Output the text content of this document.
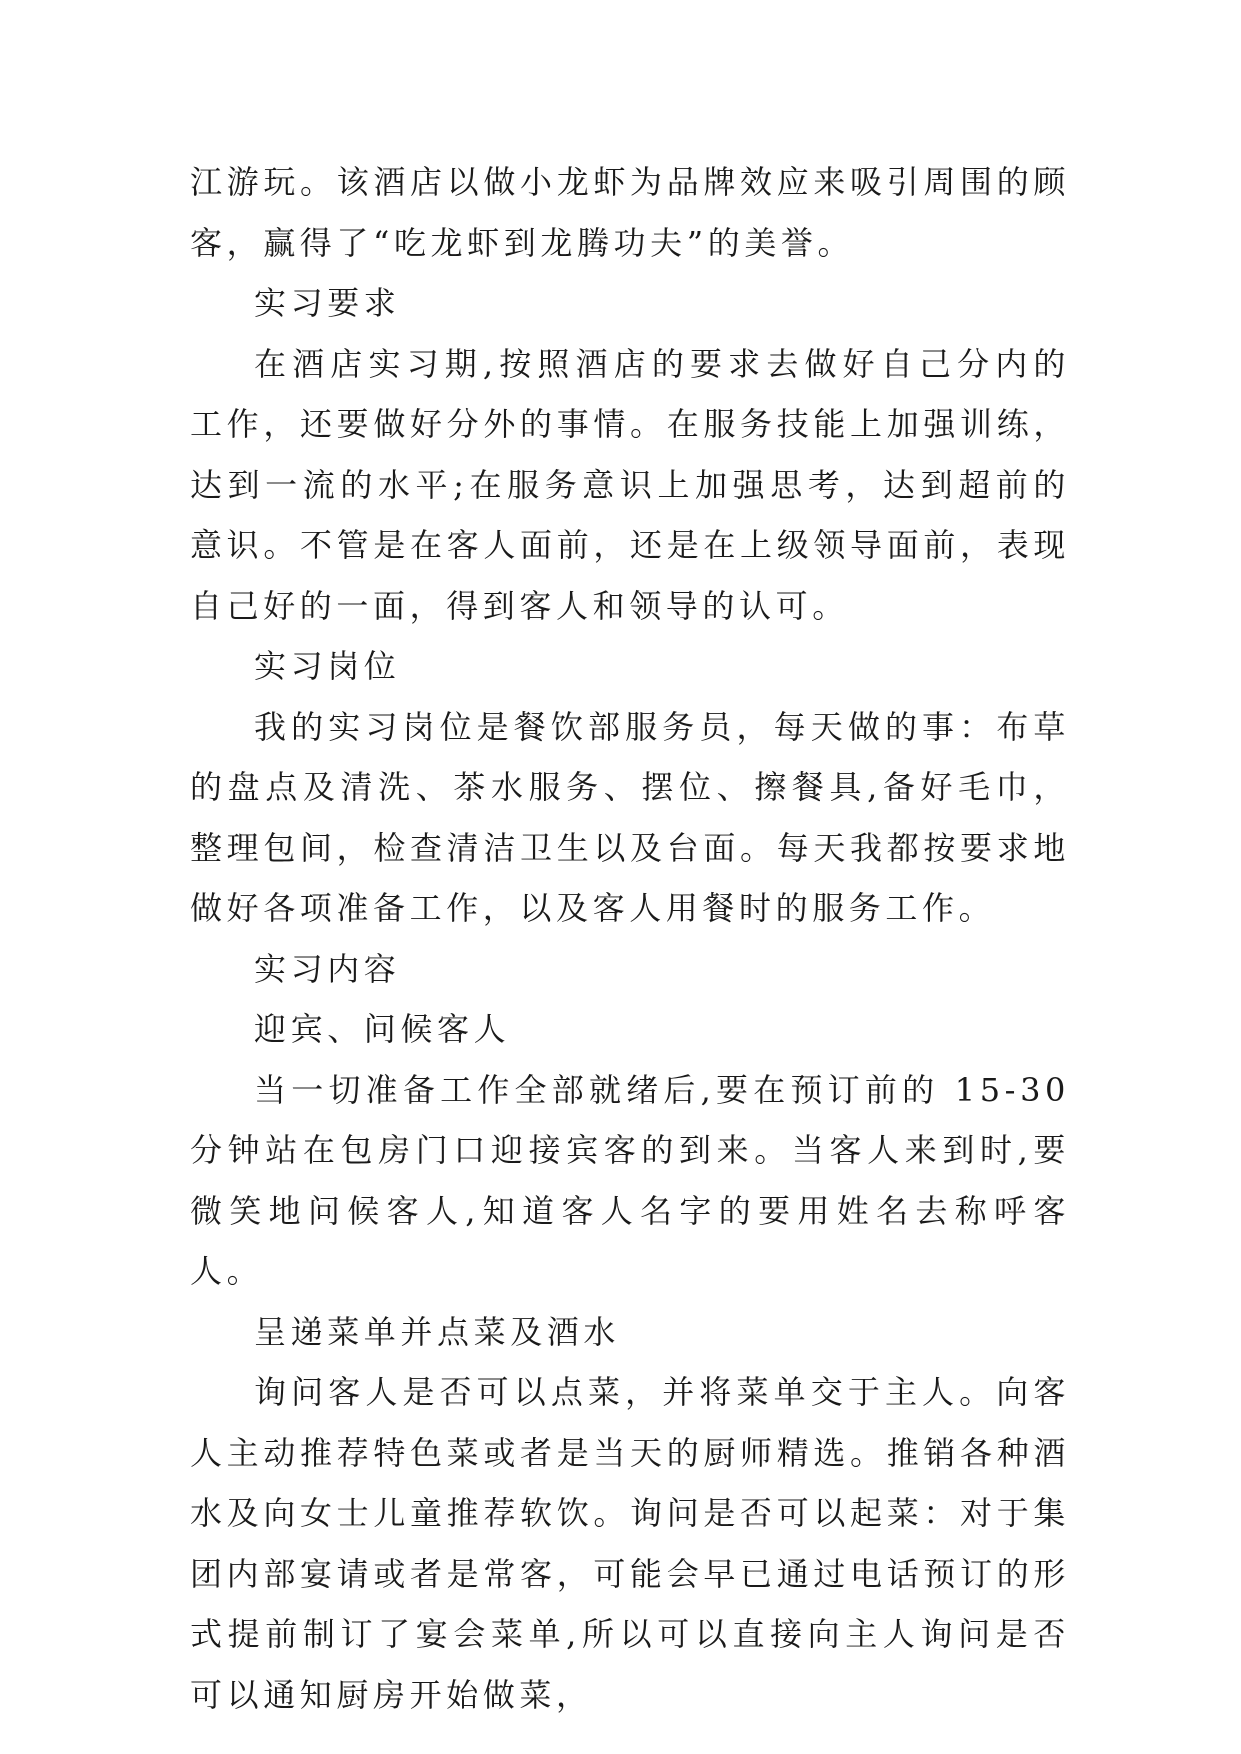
江游玩。该酒店以做小龙虾为品牌效应来吸引周围的顾客，赢得了“吃龙虾到龙腾功夫”的美誉。

实习要求

在酒店实习期,按照酒店的要求去做好自己分内的工作，还要做好分外的事情。在服务技能上加强训练，达到一流的水平;在服务意识上加强思考，达到超前的意识。不管是在客人面前，还是在上级领导面前，表现自己好的一面，得到客人和领导的认可。

实习岗位

我的实习岗位是餐饮部服务员，每天做的事：布草的盘点及清洗、茶水服务、摆位、擦餐具,备好毛巾，整理包间，检查清洁卫生以及台面。每天我都按要求地做好各项准备工作，以及客人用餐时的服务工作。

实习内容

迎宾、问候客人

当一切准备工作全部就绪后,要在预订前的 15-30 分钟站在包房门口迎接宾客的到来。当客人来到时,要微笑地问候客人,知道客人名字的要用姓名去称呼客人。

呈递菜单并点菜及酒水

询问客人是否可以点菜，并将菜单交于主人。向客人主动推荐特色菜或者是当天的厨师精选。推销各种酒水及向女士儿童推荐软饮。询问是否可以起菜：对于集团内部宴请或者是常客，可能会早已通过电话预订的形式提前制订了宴会菜单,所以可以直接向主人询问是否可以通知厨房开始做菜，
